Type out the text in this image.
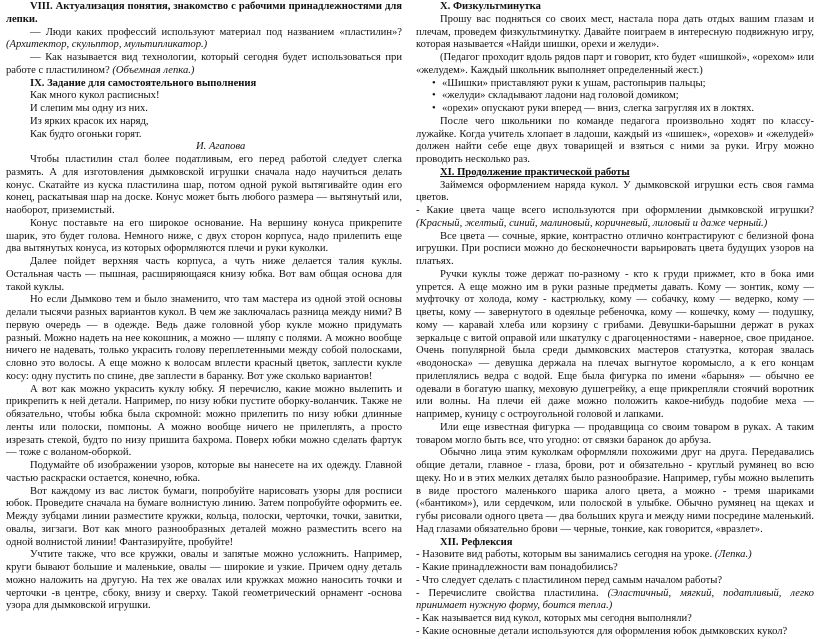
VIII. Актуализация понятия, знакомство с рабочими принадлежностями для лепки.

— Люди каких профессий используют материал под названием «пластилин»? (Архитектор, скульптор, мультипликатор.)

— Как называется вид технологии, который сегодня будет использоваться при работе с пластилином? (Объемная лепка.)

IX. Задание для самостоятельного выполнения

Как много кукол расписных!
И слепим мы одну из них.
Из ярких красок их наряд,
Как будто огоньки горят.
И. Агапова

Чтобы пластилин стал более податливым, его перед работой следует слегка размять. А для изготовления дымковской игрушки сначала надо научиться делать конус. Скатайте из куска пластилина шар, потом одной рукой вытягивайте один его конец, раскатывая шар на доске. Конус может быть любого размера — вытянутый или, наоборот, приземистый.

Конус поставьте на его широкое основание. На вершину конуса прикрепите шарик, это будет голова. Немного ниже, с двух сторон корпуса, надо прилепить еще два вытянутых конуса, из которых оформляются плечи и руки куколки.

Далее пойдет верхняя часть корпуса, а чуть ниже делается талия куклы. Остальная часть — пышная, расширяющаяся книзу юбка. Вот вам общая основа для такой куклы.

Но если Дымково тем и было знаменито, что там мастера из одной этой основы делали тысячи разных вариантов кукол. В чем же заключалась разница между ними? В первую очередь — в одежде. Ведь даже головной убор кукле можно придумать разный. Можно надеть на нее кокошник, а можно — шляпу с полями. А можно вообще ничего не надевать, только украсить голову переплетенными между собой полосками, словно это волосы. А еще можно к волосам вплести красный цветок, заплести кукле косу: одну пустить по спине, две заплести в баранку. Вот уже сколько вариантов!

А вот как можно украсить куклу юбку. Я перечислю, какие можно вылепить и прикрепить к ней детали. Например, по низу юбки пустите оборку-воланчик. Также не обязательно, чтобы юбка была скромной: можно прилепить по низу юбки длинные ленты или полоски, помпоны. А можно вообще ничего не прилеплять, а просто изрезать стекой, будто по низу пришита бахрома. Поверх юбки можно сделать фартук — тоже с воланом-оборкой.

Подумайте об изображении узоров, которые вы нанесете на их одежду. Главной частью раскраски остается, конечно, юбка.

Вот каждому из вас листок бумаги, попробуйте нарисовать узоры для росписи юбок. Проведите сначала на бумаге волнистую линию. Затем попробуйте оформить ее. Между зубцами линии разместите кружки, кольца, полоски, черточки, точки, завитки, овалы, зигзаги. Вот как много разнообразных деталей можно разместить всего на одной волнистой линии! Фантазируйте, пробуйте!

Учтите также, что все кружки, овалы и запятые можно усложнить. Например, круги бывают большие и маленькие, овалы — широкие и узкие. Причем одну деталь можно наложить на другую. На тех же овалах или кружках можно наносить точки и черточки -в центре, сбоку, внизу и сверху. Такой геометрический орнамент -основа узора для дымковской игрушки.

X. Физкультминутка

Прошу вас подняться со своих мест, настала пора дать отдых вашим глазам и плечам, проведем физкультминутку. Давайте поиграем в интересную подвижную игру, которая называется «Найди шишки, орехи и желуди».

(Педагог проходит вдоль рядов парт и говорит, кто будет «шишкой», «орехом» или «желудем». Каждый школьник выполняет определенный жест.)

• «Шишки» приставляют руки к ушам, растопырив пальцы;
• «желуди» складывают ладони над головой домиком;
• «орехи» опускают руки вперед — вниз, слегка загругляя их в локтях.

После чего школьники по команде педагога произвольно ходят по классу-лужайке. Когда учитель хлопает в ладоши, каждый из «шишек», «орехов» и «желудей» должен найти себе еще двух товарищей и взяться с ними за руки. Игру можно проводить несколько раз.

XI. Продолжение практической работы

Займемся оформлением наряда кукол. У дымковской игрушки есть своя гамма цветов.

- Какие цвета чаще всего используются при оформлении дымковской игрушки? (Красный, желтый, синий, малиновый, коричневый, лиловый и даже черный.)

Все цвета — сочные, яркие, контрастно отлично контрастируют с белизной фона игрушки. При росписи можно до бесконечности варьировать цвета будущих узоров на платьях.

Ручки куклы тоже держат по-разному - кто к груди прижмет, кто в бока ими упрется. А еще можно им в руки разные предметы давать. Кому — зонтик, кому — муфточку от холода, кому - кастрюльку, кому — собачку, кому — ведерко, кому — цветы, кому — завернутого в одеяльце ребеночка, кому — кошечку, кому — подушку, кому — каравай хлеба или корзину с грибами. Девушки-барышни держат в руках зеркальце с витой оправой или шкатулку с драгоценностями - наверное, свое приданое. Очень популярной была среди дымковских мастеров статуэтка, которая звалась «водоноска» — девушка держала на плечах выгнутое коромысло, а к его концам прилеплялись ведра с водой. Еще была фигурка по имени «барыня» — обычно ее одевали в богатую шапку, меховую душегрейку, а еще прикрепляли стоячий воротник или волны. На плечи ей даже можно положить какое-нибудь подобие меха — например, куницу с остроугольной головой и лапками.

Или еще известная фигурка — продавщица со своим товаром в руках. А таким товаром могло быть все, что угодно: от связки баранок до арбуза.

Обычно лица этим куколкам оформляли похожими друг на друга. Передавались общие детали, главное - глаза, брови, рот и обязательно - круглый румянец во всю щеку. Но и в этих мелких деталях было разнообразие. Например, губы можно вылепить в виде простого маленького шарика алого цвета, а можно - тремя шариками («бантиком»), или сердечком, или полоской в улыбке. Обычно румянец на щеках и губы рисовали одного цвета — два больших круга и между ними посредине маленький. Над глазами обязательно брови — черные, тонкие, как говорится, «вразлет».

XII. Рефлексия

- Назовите вид работы, которым вы занимались сегодня на уроке. (Лепка.)

- Какие принадлежности вам понадобились?

- Что следует сделать с пластилином перед самым началом работы?

- Перечислите свойства пластилина. (Эластичный, мягкий, податливый, легко принимает нужную форму, боится тепла.)

- Как называется вид кукол, которых мы сегодня выполняли?

- Какие основные детали используются для оформления юбок дымковских кукол?
